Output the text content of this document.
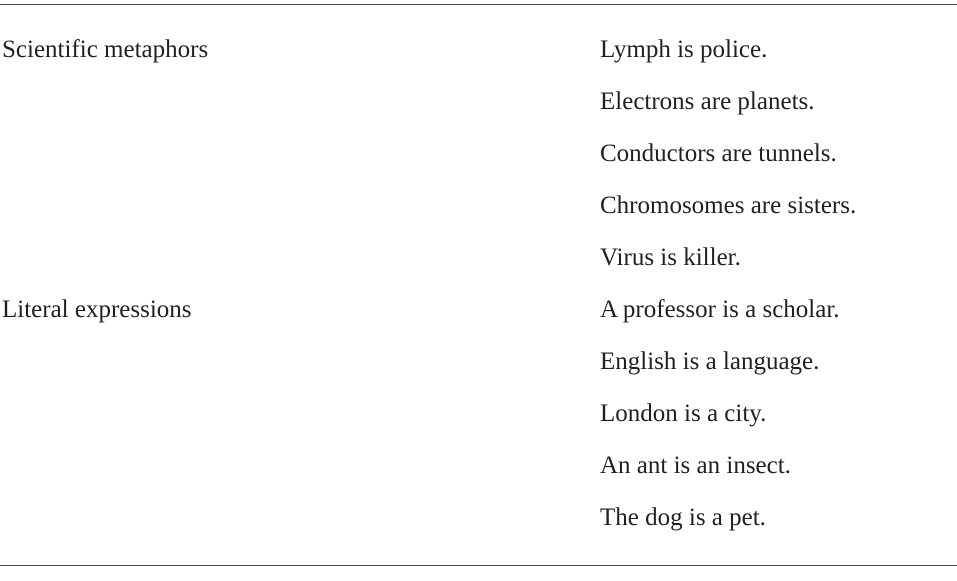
Scientific metaphors	Lymph is police.
Electrons are planets.
Conductors are tunnels.
Chromosomes are sisters.
Virus is killer.
Literal expressions	A professor is a scholar.
English is a language.
London is a city.
An ant is an insect.
The dog is a pet.
